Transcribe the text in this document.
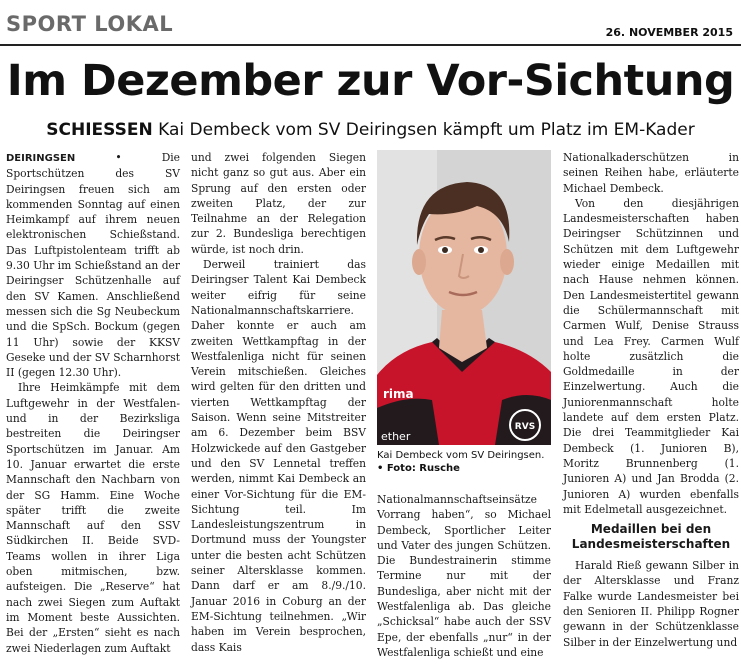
SPORT LOKAL	26. NOVEMBER 2015
Im Dezember zur Vor-Sichtung
SCHIESSEN Kai Dembeck vom SV Deiringsen kämpft um Platz im EM-Kader

DEIRINGSEN • Die Sportschützen des SV Deiringsen freuen sich am kommenden Sonntag auf einen Heimkampf auf ihrem neuen elektronischen Schießstand. Das Luftpistolenteam trifft ab 9.30 Uhr im Schießstand an der Deiringser Schützenhalle auf den SV Kamen. Anschließend messen sich die Sg Neubeckum und die SpSch. Bockum (gegen 11 Uhr) sowie der KKSV Geseke und der SV Scharnhorst II (gegen 12.30 Uhr).

Ihre Heimkämpfe mit dem Luftgewehr in der Westfalen- und in der Bezirksliga bestreiten die Deiringser Sportschützen im Januar. Am 10. Januar erwartet die erste Mannschaft den Nachbarn von der SG Hamm. Eine Woche später trifft die zweite Mannschaft auf den SSV Südkirchen II. Beide SVD-Teams wollen in ihrer Liga oben mitmischen, bzw. aufsteigen. Die „Reserve“ hat nach zwei Siegen zum Auftakt im Moment beste Aussichten. Bei der „Ersten“ sieht es nach zwei Niederlagen zum Auftakt

und zwei folgenden Siegen nicht ganz so gut aus. Aber ein Sprung auf den ersten oder zweiten Platz, der zur Teilnahme an der Relegation zur 2. Bundesliga berechtigen würde, ist noch drin.

Derweil trainiert das Deiringser Talent Kai Dembeck weiter eifrig für seine Nationalmannschaftskarriere. Daher konnte er auch am zweiten Wettkampftag in der Westfalenliga nicht für seinen Verein mitschießen. Gleiches wird gelten für den dritten und vierten Wettkampftag der Saison. Wenn seine Mitstreiter am 6. Dezember beim BSV Holzwickede auf den Gastgeber und den SV Lennetal treffen werden, nimmt Kai Dembeck an einer Vor-Sichtung für die EM-Sichtung teil. Im Landesleistungszentrum in Dortmund muss der Youngster unter die besten acht Schützen seiner Altersklasse kommen. Dann darf er am 8./9./10. Januar 2016 in Coburg an der EM-Sichtung teilnehmen. „Wir haben im Verein besprochen, dass Kais

rima
ether
RVS
Kai Dembeck vom SV Deiringsen. • Foto: Rusche

Nationalmannschaftseinsätze Vorrang haben“, so Michael Dembeck, Sportlicher Leiter und Vater des jungen Schützen. Die Bundestrainerin stimme Termine nur mit der Bundesliga, aber nicht mit der Westfalenliga ab. Das gleiche „Schicksal“ habe auch der SSV Epe, der ebenfalls „nur“ in der Westfalenliga schießt und eine

Nationalkaderschützen in seinen Reihen habe, erläuterte Michael Dembeck.

Von den diesjährigen Landesmeisterschaften haben Deiringser Schützinnen und Schützen mit dem Luftgewehr wieder einige Medaillen mit nach Hause nehmen können. Den Landesmeistertitel gewann die Schülermannschaft mit Carmen Wulf, Denise Strauss und Lea Frey. Carmen Wulf holte zusätzlich die Goldmedaille in der Einzelwertung. Auch die Juniorenmannschaft holte landete auf dem ersten Platz. Die drei Teammitglieder Kai Dembeck (1. Junioren B), Moritz Brunnenberg (1. Junioren A) und Jan Brodda (2. Junioren A) wurden ebenfalls mit Edelmetall ausgezeichnet.

Medaillen bei den Landesmeisterschaften

Harald Rieß gewann Silber in der Altersklasse und Franz Falke wurde Landesmeister bei den Senioren II. Philipp Rogner gewann in der Schützenklasse Silber in der Einzelwertung und
